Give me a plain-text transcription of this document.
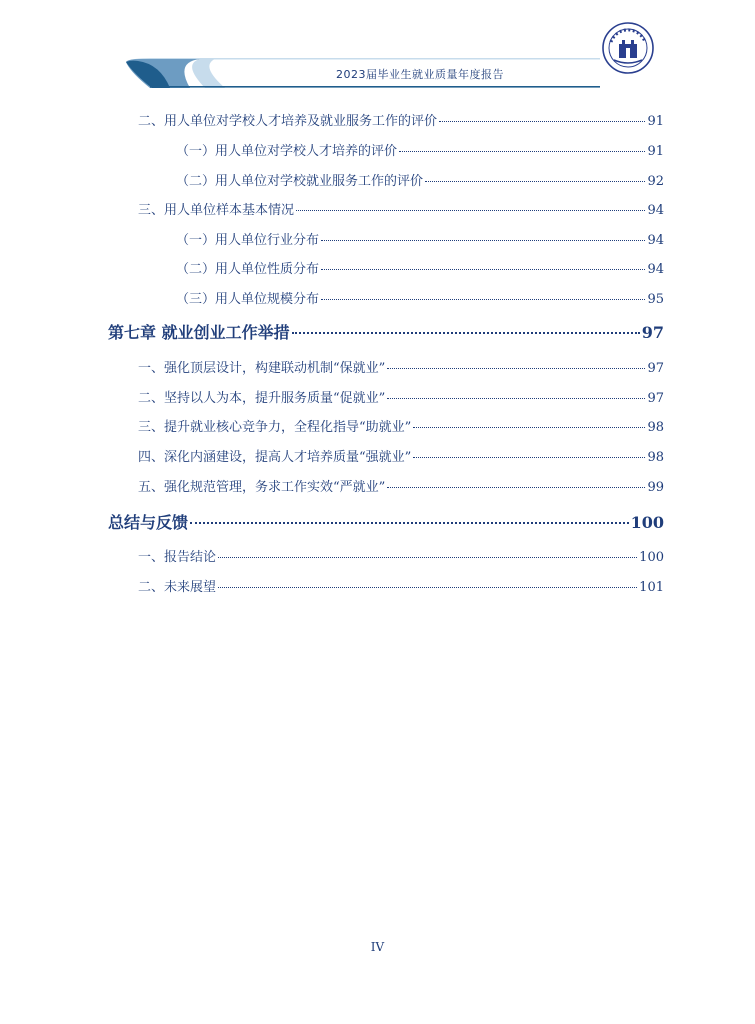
2023届毕业生就业质量年度报告
二、用人单位对学校人才培养及就业服务工作的评价	91
（一）用人单位对学校人才培养的评价	91
（二）用人单位对学校就业服务工作的评价	92
三、用人单位样本基本情况	94
（一）用人单位行业分布	94
（二）用人单位性质分布	94
（三）用人单位规模分布	95
第七章 就业创业工作举措	97
一、强化顶层设计，构建联动机制“保就业”	97
二、坚持以人为本，提升服务质量“促就业”	97
三、提升就业核心竞争力，全程化指导“助就业”	98
四、深化内涵建设，提高人才培养质量“强就业”	98
五、强化规范管理，务求工作实效“严就业”	99
总结与反馈	100
一、报告结论	100
二、未来展望	101
IV
